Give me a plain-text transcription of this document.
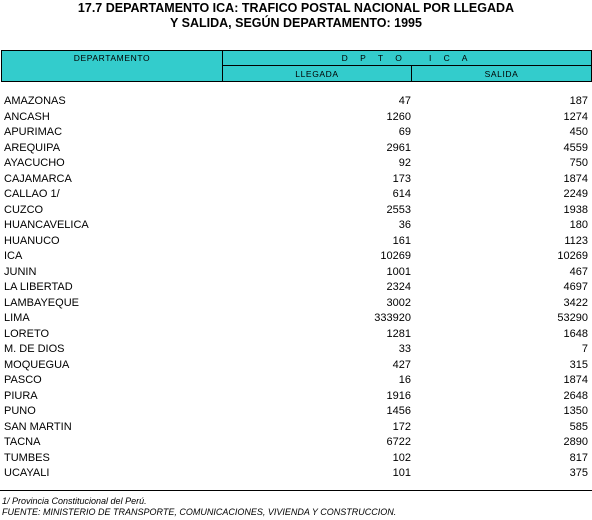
17.7 DEPARTAMENTO ICA: TRAFICO POSTAL NACIONAL POR LLEGADA
Y SALIDA, SEGÚN DEPARTAMENTO: 1995
DEPARTAMENTO	D P T O   I C A
LLEGADA	SALIDA
AMAZONAS	47	187
ANCASH	1260	1274
APURIMAC	69	450
AREQUIPA	2961	4559
AYACUCHO	92	750
CAJAMARCA	173	1874
CALLAO 1/	614	2249
CUZCO	2553	1938
HUANCAVELICA	36	180
HUANUCO	161	1123
ICA	10269	10269
JUNIN	1001	467
LA LIBERTAD	2324	4697
LAMBAYEQUE	3002	3422
LIMA	333920	53290
LORETO	1281	1648
M. DE DIOS	33	7
MOQUEGUA	427	315
PASCO	16	1874
PIURA	1916	2648
PUNO	1456	1350
SAN MARTIN	172	585
TACNA	6722	2890
TUMBES	102	817
UCAYALI	101	375
1/ Provincia Constitucional del Perú.
FUENTE: MINISTERIO DE TRANSPORTE, COMUNICACIONES, VIVIENDA Y CONSTRUCCION.
